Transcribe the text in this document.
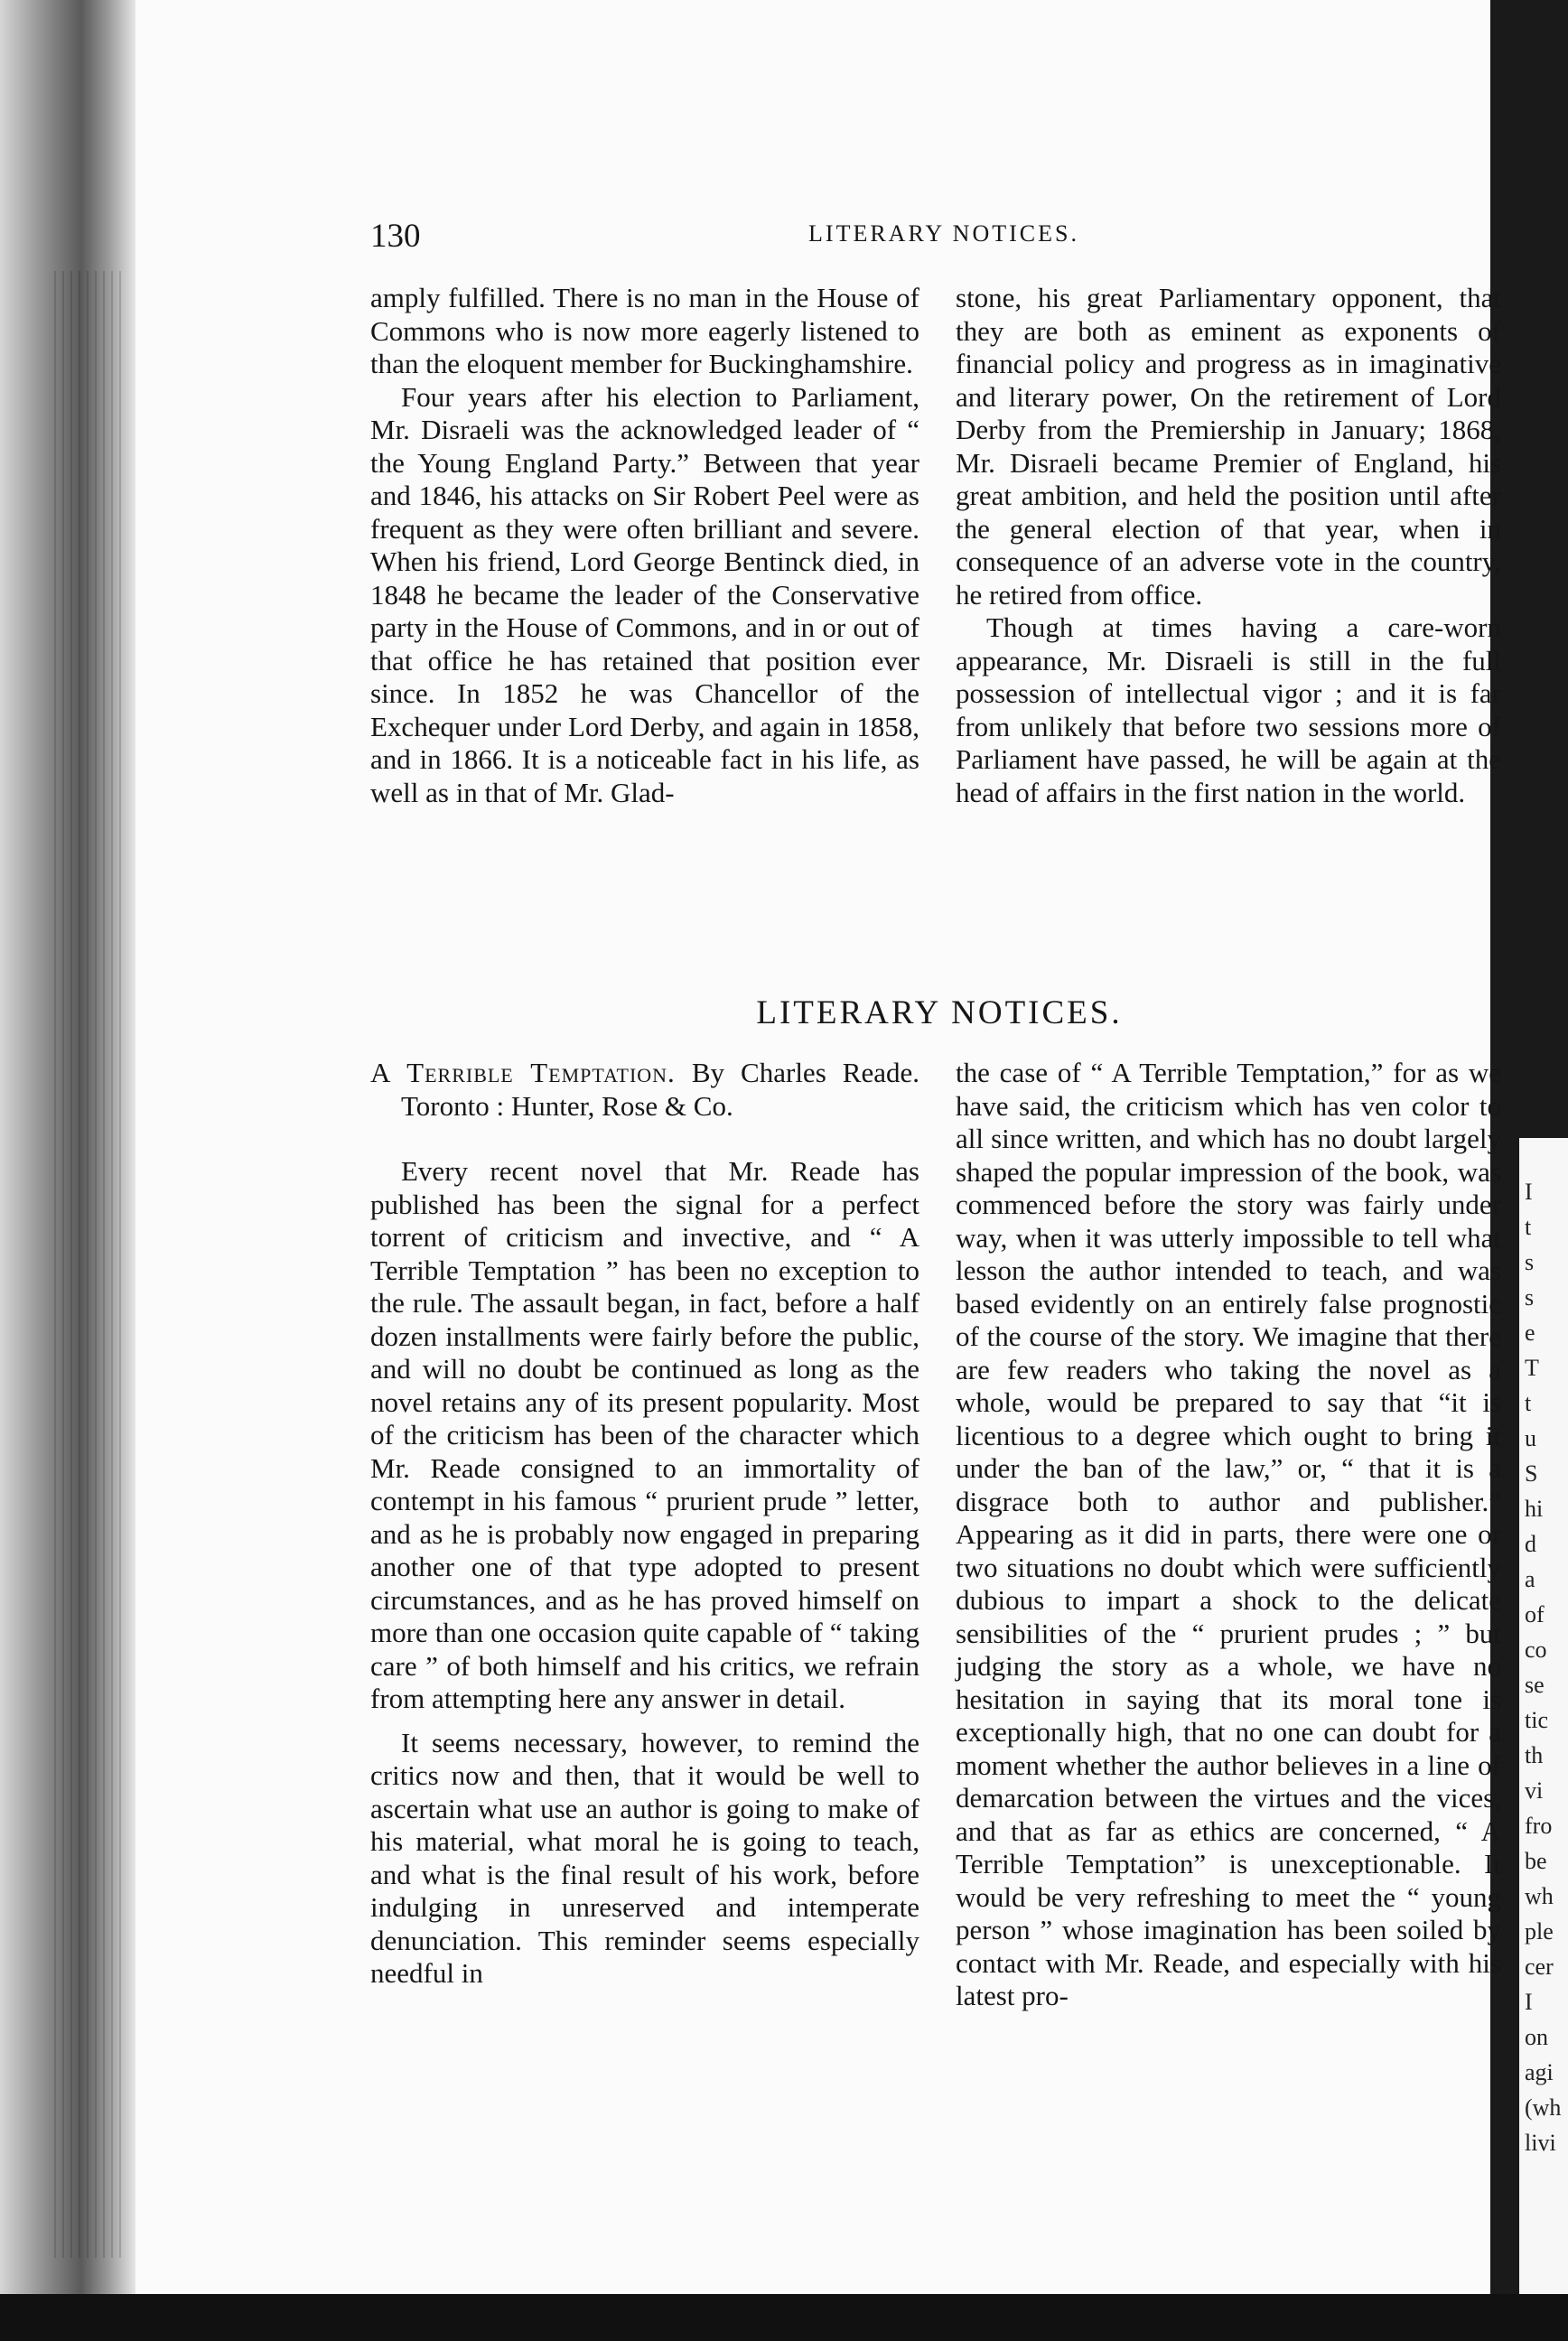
I
t
s
s
e
T
t
u
S
hi
d
a
of
co
se
tic
th
vi
fro
be
wh
ple
cer
I
on
agi
(wh
livi
130	LITERARY NOTICES.

amply fulfilled. There is no man in the House of Commons who is now more eagerly listened to than the eloquent member for Buckinghamshire.

Four years after his election to Parliament, Mr. Disraeli was the acknowledged leader of “ the Young England Party.” Between that year and 1846, his attacks on Sir Robert Peel were as frequent as they were often brilliant and severe. When his friend, Lord George Bentinck died, in 1848 he became the leader of the Conservative party in the House of Commons, and in or out of that office he has retained that position ever since. In 1852 he was Chancellor of the Exchequer under Lord Derby, and again in 1858, and in 1866. It is a noticeable fact in his life, as well as in that of Mr. Glad-

stone, his great Parliamentary opponent, that they are both as eminent as exponents of financial policy and progress as in imaginative and literary power, On the retirement of Lord Derby from the Premiership in January; 1868, Mr. Disraeli became Premier of England, his great ambition, and held the position until after the general election of that year, when in consequence of an adverse vote in the country, he retired from office.

Though at times having a care-worn appearance, Mr. Disraeli is still in the full possession of intellectual vigor ; and it is far from unlikely that before two sessions more of Parliament have passed, he will be again at the head of affairs in the first nation in the world.

LITERARY NOTICES.
A Terrible Temptation. By Charles Reade. Toronto : Hunter, Rose & Co.

Every recent novel that Mr. Reade has published has been the signal for a perfect torrent of criticism and invective, and “ A Terrible Temptation ” has been no exception to the rule. The assault began, in fact, before a half dozen installments were fairly before the public, and will no doubt be continued as long as the novel retains any of its present popularity. Most of the criticism has been of the character which Mr. Reade consigned to an immortality of contempt in his famous “ prurient prude ” letter, and as he is probably now engaged in preparing another one of that type adopted to present circumstances, and as he has proved himself on more than one occasion quite capable of “ taking care ” of both himself and his critics, we refrain from attempting here any answer in detail.

It seems necessary, however, to remind the critics now and then, that it would be well to ascertain what use an author is going to make of his material, what moral he is going to teach, and what is the final result of his work, before indulging in unreserved and intemperate denunciation. This reminder seems especially needful in

the case of “ A Terrible Temptation,” for as we have said, the criticism which has ven color to all since written, and which has no doubt largely shaped the popular impression of the book, was commenced before the story was fairly under way, when it was utterly impossible to tell what lesson the author intended to teach, and was based evidently on an entirely false prognostic of the course of the story. We imagine that there are few readers who taking the novel as a whole, would be prepared to say that “it is licentious to a degree which ought to bring it under the ban of the law,” or, “ that it is a disgrace both to author and publisher.” Appearing as it did in parts, there were one or two situations no doubt which were sufficiently dubious to impart a shock to the delicate sensibilities of the “ prurient prudes ; ” but judging the story as a whole, we have no hesitation in saying that its moral tone is exceptionally high, that no one can doubt for a moment whether the author believes in a line of demarcation between the virtues and the vices, and that as far as ethics are concerned, “ A Terrible Temptation” is unexceptionable. It would be very refreshing to meet the “ young person ” whose imagination has been soiled by contact with Mr. Reade, and especially with his latest pro-
